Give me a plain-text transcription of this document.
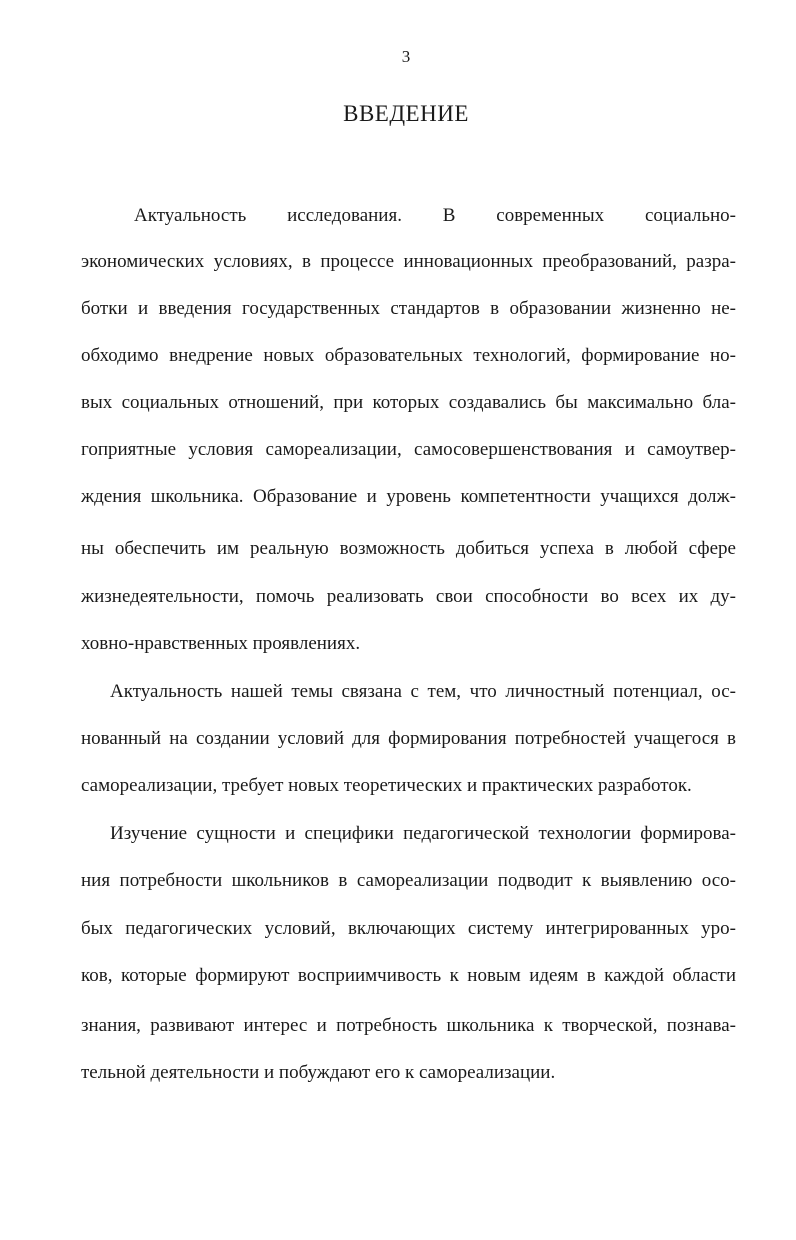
3
ВВЕДЕНИЕ
Актуальность исследования. В современных социально-
экономических условиях, в процессе инновационных преобразований, разра-
ботки и введения государственных стандартов в образовании жизненно не-
обходимо внедрение новых образовательных технологий, формирование но-
вых социальных отношений, при которых создавались бы максимально бла-
гоприятные условия самореализации, самосовершенствования и самоутвер-
ждения школьника. Образование и уровень компетентности учащихся долж-
ны обеспечить им реальную возможность добиться успеха в любой сфере
жизнедеятельности, помочь реализовать свои способности во всех их ду-
ховно-нравственных проявлениях.
Актуальность нашей темы связана с тем, что личностный потенциал, ос-
нованный на создании условий для формирования потребностей учащегося в
самореализации, требует новых теоретических и практических разработок.
Изучение сущности и специфики педагогической технологии формирова-
ния потребности школьников в самореализации подводит к выявлению осо-
бых педагогических условий, включающих систему интегрированных уро-
ков, которые формируют восприимчивость к новым идеям в каждой области
знания, развивают интерес и потребность школьника к творческой, познава-
тельной деятельности и побуждают его к самореализации.
